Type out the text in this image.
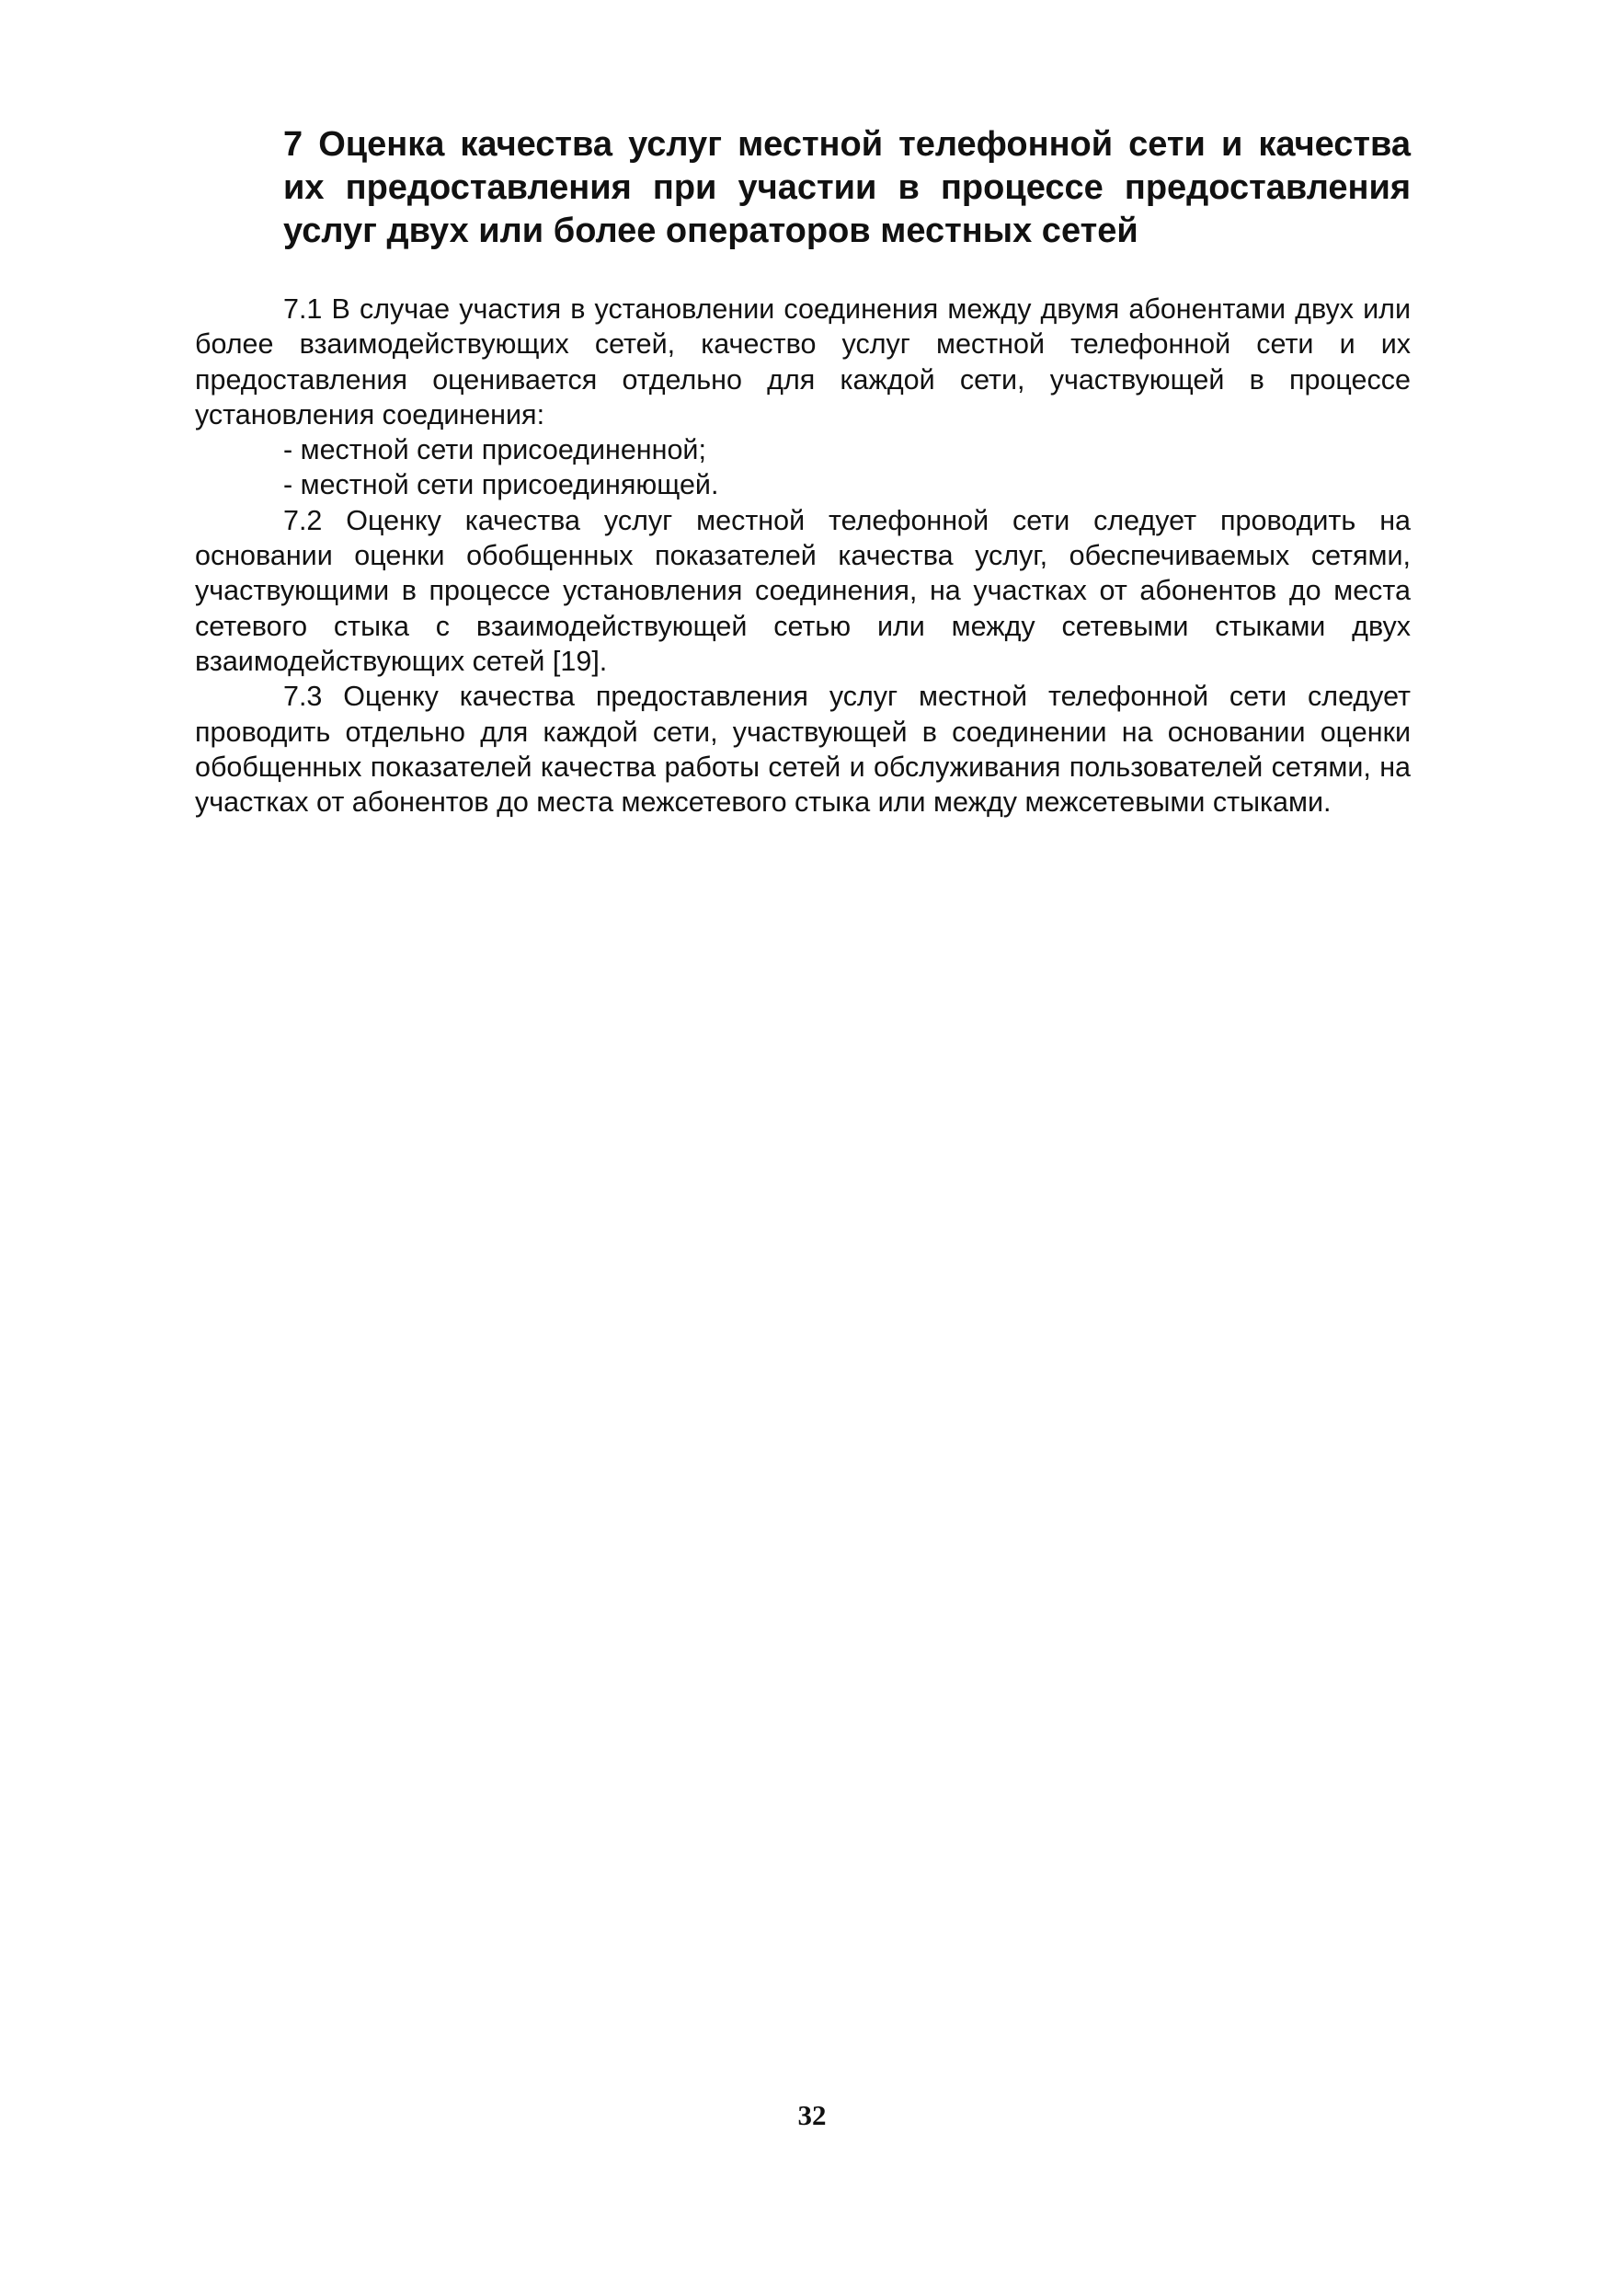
7 Оценка качества услуг местной телефонной сети и качества их предоставления при участии в процессе предоставления услуг двух или более операторов местных сетей

7.1 В случае участия в установлении соединения между двумя абонентами двух или более взаимодействующих сетей, качество услуг местной телефонной сети и их предоставления оценивается отдельно для каждой сети, участвующей в процессе установления соединения:

- местной сети присоединенной;

- местной сети присоединяющей.

7.2 Оценку качества услуг местной телефонной сети следует проводить на основании оценки обобщенных показателей качества услуг, обеспечиваемых сетями, участвующими в процессе установления соединения, на участках от абонентов до места сетевого стыка с взаимодействующей сетью или между сетевыми стыками двух взаимодействующих сетей [19].

7.3 Оценку качества предоставления услуг местной телефонной сети следует проводить отдельно для каждой сети, участвующей в соединении на основании оценки обобщенных показателей качества работы сетей и обслуживания пользователей сетями, на участках от абонентов до места межсетевого стыка или между межсетевыми стыками.

32
